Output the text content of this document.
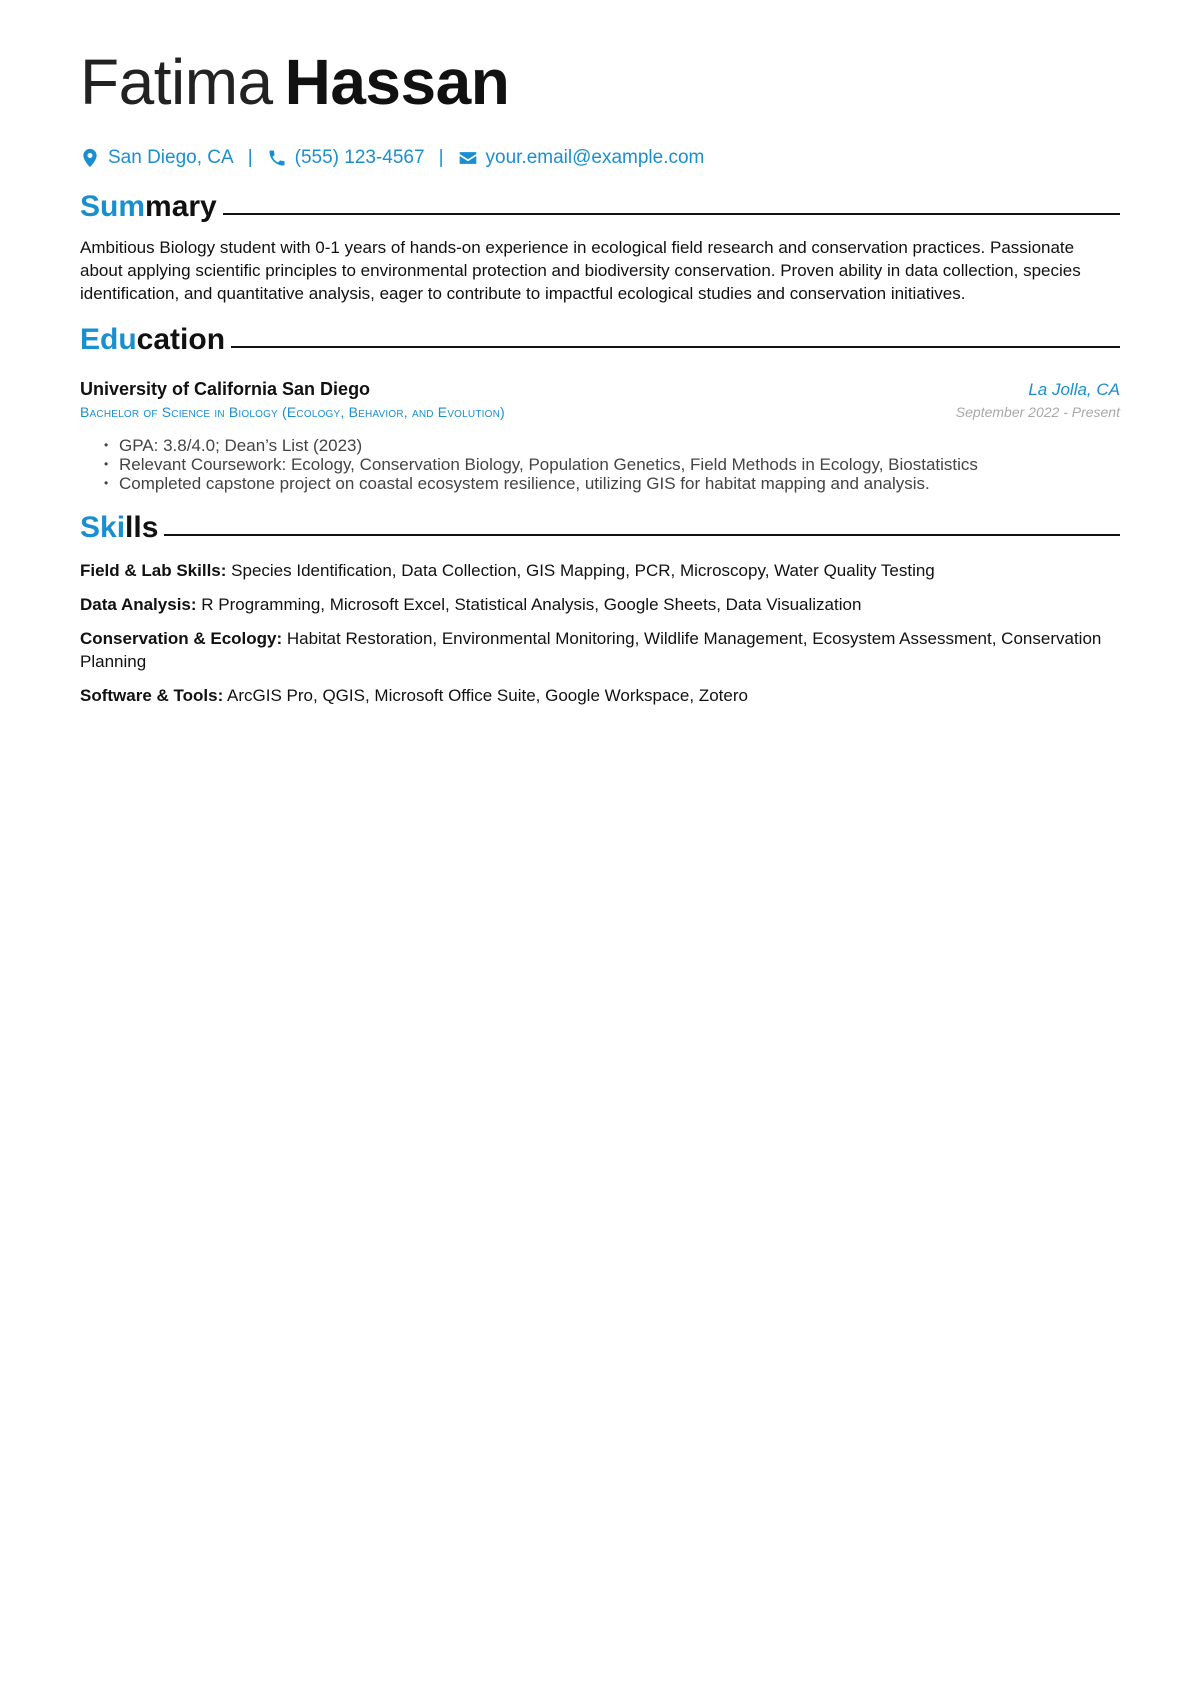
Fatima Hassan
San Diego, CA | (555) 123-4567 | your.email@example.com
Summary

Ambitious Biology student with 0-1 years of hands-on experience in ecological field research and conservation practices. Passionate about applying scientific principles to environmental protection and biodiversity conservation. Proven ability in data collection, species identification, and quantitative analysis, eager to contribute to impactful ecological studies and conservation initiatives.

Education
University of California San Diego	La Jolla, CA
Bachelor of Science in Biology (Ecology, Behavior, and Evolution)	September 2022 - Present
• GPA: 3.8/4.0; Dean’s List (2023)
• Relevant Coursework: Ecology, Conservation Biology, Population Genetics, Field Methods in Ecology, Biostatistics
• Completed capstone project on coastal ecosystem resilience, utilizing GIS for habitat mapping and analysis.
Skills
Field & Lab Skills: Species Identification, Data Collection, GIS Mapping, PCR, Microscopy, Water Quality Testing
Data Analysis: R Programming, Microsoft Excel, Statistical Analysis, Google Sheets, Data Visualization
Conservation & Ecology: Habitat Restoration, Environmental Monitoring, Wildlife Management, Ecosystem Assessment, Conservation Planning
Software & Tools: ArcGIS Pro, QGIS, Microsoft Office Suite, Google Workspace, Zotero
